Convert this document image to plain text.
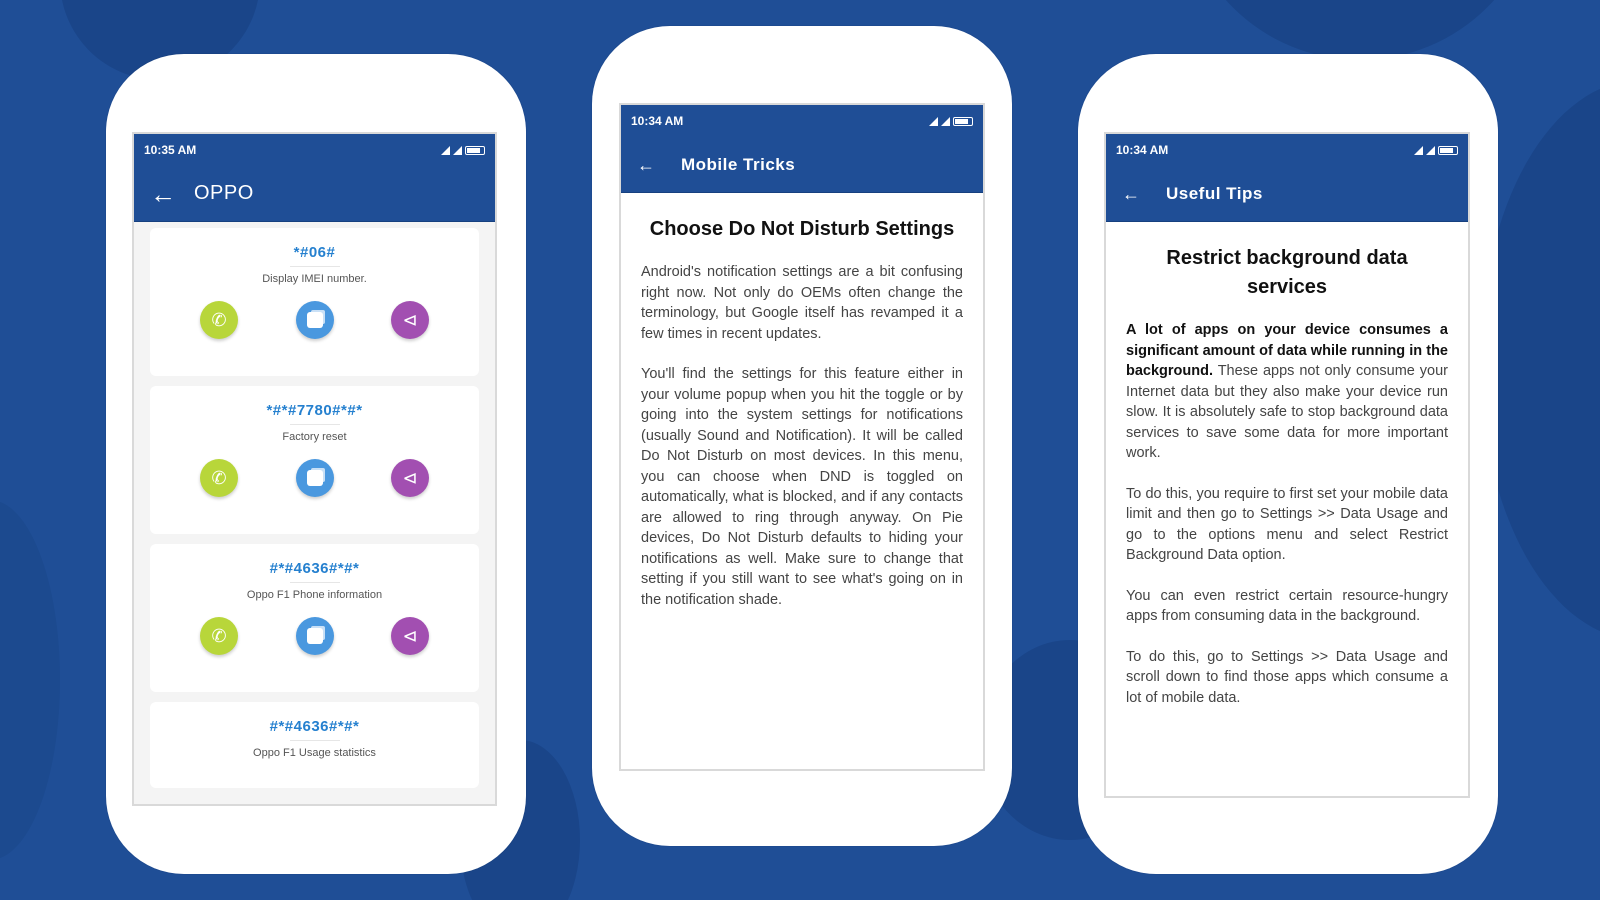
10:35 AM
← OPPO
*#06#
Display IMEI number.
✆	⊲
*#*#7780#*#*
Factory reset
✆	⊲
#*#4636#*#*
Oppo F1 Phone information
✆	⊲
#*#4636#*#*
Oppo F1 Usage statistics
10:34 AM
←	Mobile Tricks
Choose Do Not Disturb Settings

Android's notification settings are a bit confusing right now. Not only do OEMs often change the terminology, but Google itself has revamped it a few times in recent updates.

You'll find the settings for this feature either in your volume popup when you hit the toggle or by going into the system settings for notifications (usually Sound and Notification). It will be called Do Not Disturb on most devices. In this menu, you can choose when DND is toggled on automatically, what is blocked, and if any contacts are allowed to ring through anyway. On Pie devices, Do Not Disturb defaults to hiding your notifications as well. Make sure to change that setting if you still want to see what's going on in the notification shade.

10:34 AM
←	Useful Tips
Restrict background data services

A lot of apps on your device consumes a significant amount of data while running in the background. These apps not only consume your Internet data but they also make your device run slow. It is absolutely safe to stop background data services to save some data for more important work.

To do this, you require to first set your mobile data limit and then go to Settings >> Data Usage and go to the options menu and select Restrict Background Data option.

You can even restrict certain resource-hungry apps from consuming data in the background.

To do this, go to Settings >> Data Usage and scroll down to find those apps which consume a lot of mobile data.
